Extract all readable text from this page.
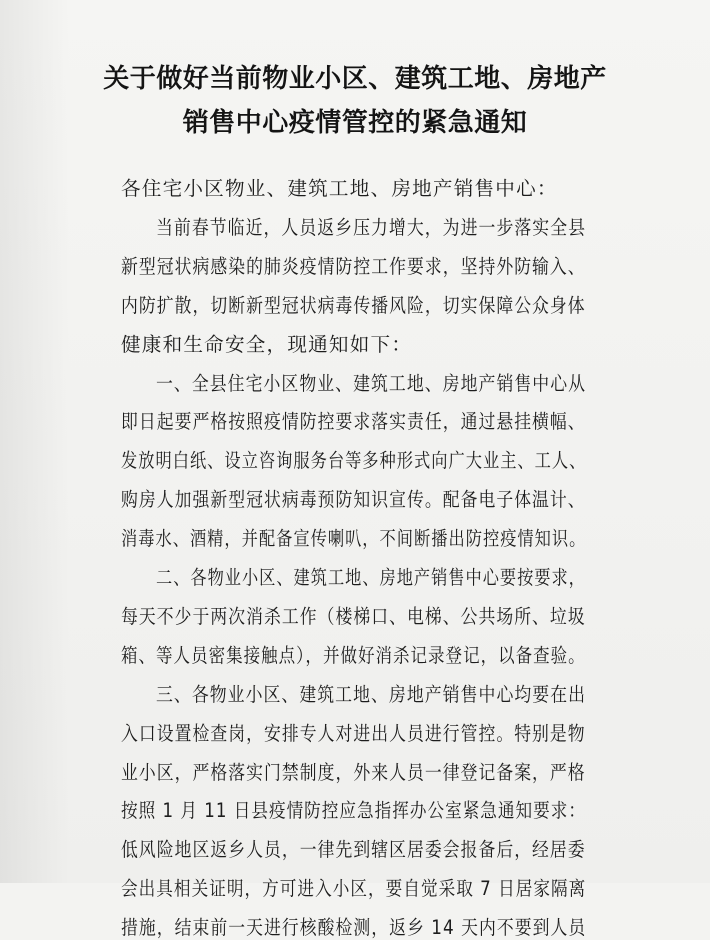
关于做好当前物业小区、建筑工地、房地产
销售中心疫情管控的紧急通知
各住宅小区物业、建筑工地、房地产销售中心：
当前春节临近，人员返乡压力增大，为进一步落实全县
新型冠状病感染的肺炎疫情防控工作要求，坚持外防输入、
内防扩散，切断新型冠状病毒传播风险，切实保障公众身体
健康和生命安全，现通知如下：
一、全县住宅小区物业、建筑工地、房地产销售中心从
即日起要严格按照疫情防控要求落实责任，通过悬挂横幅、
发放明白纸、设立咨询服务台等多种形式向广大业主、工人、
购房人加强新型冠状病毒预防知识宣传。配备电子体温计、
消毒水、酒精，并配备宣传喇叭，不间断播出防控疫情知识。
二、各物业小区、建筑工地、房地产销售中心要按要求，
每天不少于两次消杀工作（楼梯口、电梯、公共场所、垃圾
箱、等人员密集接触点），并做好消杀记录登记，以备查验。
三、各物业小区、建筑工地、房地产销售中心均要在出
入口设置检查岗，安排专人对进出人员进行管控。特别是物
业小区，严格落实门禁制度，外来人员一律登记备案，严格
按照 1 月 11 日县疫情防控应急指挥办公室紧急通知要求：
低风险地区返乡人员，一律先到辖区居委会报备后，经居委
会出具相关证明，方可进入小区，要自觉采取 7 日居家隔离
措施，结束前一天进行核酸检测，返乡 14 天内不要到人员
